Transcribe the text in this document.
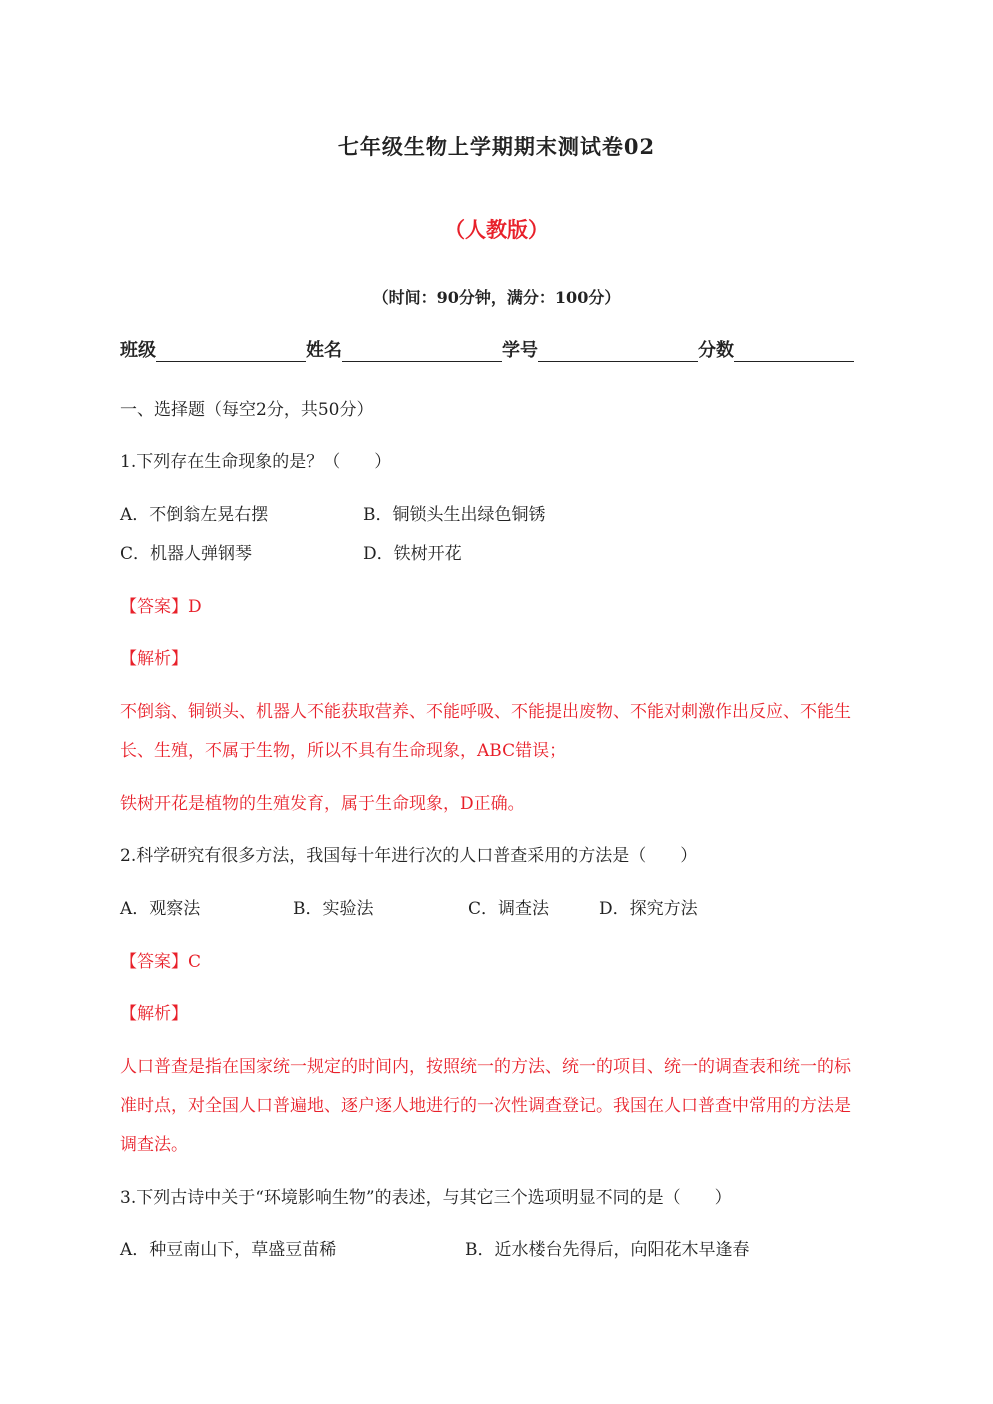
七年级生物上学期期末测试卷02
（人教版）
（时间：90分钟，满分：100分）
班级	姓名	学号	分数
一、选择题（每空2分，共50分）
1.下列存在生命现象的是？（　　）
A．不倒翁左晃右摆	B．铜锁头生出绿色铜锈
C．机器人弹钢琴	D．铁树开花
【答案】D
【解析】
不倒翁、铜锁头、机器人不能获取营养、不能呼吸、不能提出废物、不能对刺激作出反应、不能生
长、生殖，不属于生物，所以不具有生命现象，ABC错误；
铁树开花是植物的生殖发育，属于生命现象，D正确。
2.科学研究有很多方法，我国每十年进行次的人口普查采用的方法是（　　）
A．观察法	B．实验法	C．调查法	D．探究方法
【答案】C
【解析】
人口普查是指在国家统一规定的时间内，按照统一的方法、统一的项目、统一的调查表和统一的标
准时点，对全国人口普遍地、逐户逐人地进行的一次性调查登记。我国在人口普查中常用的方法是
调查法。
3.下列古诗中关于“环境影响生物”的表述，与其它三个选项明显不同的是（　　）
A．种豆南山下，草盛豆苗稀	B．近水楼台先得后，向阳花木早逢春
